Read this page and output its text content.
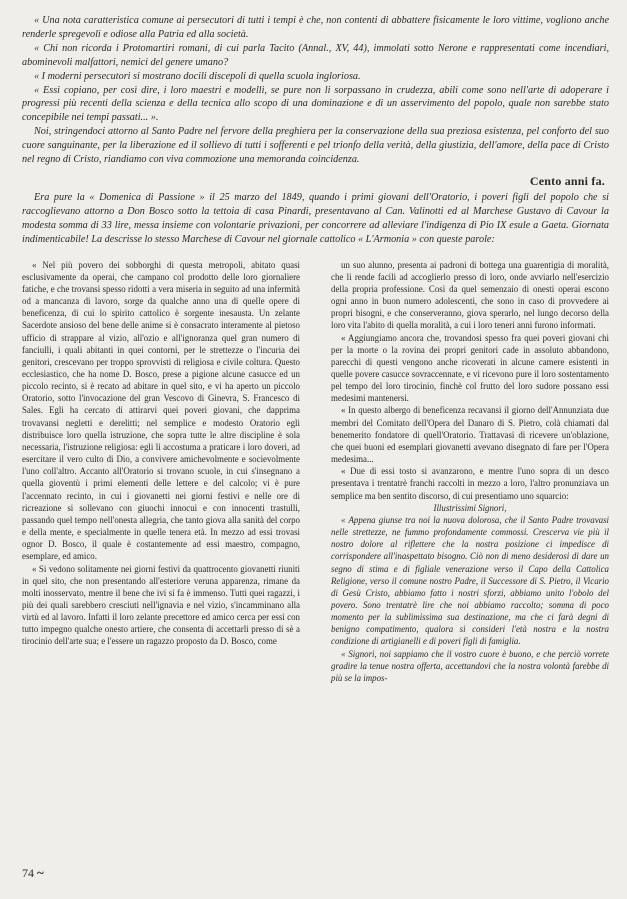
« Una nota caratteristica comune ai persecutori di tutti i tempi è che, non contenti di abbattere fisicamente le loro vittime, vogliono anche renderle spregevoli e odiose alla Patria ed alla società.

« Chi non ricorda i Protomartiri romani, di cui parla Tacito (Annal., XV, 44), immolati sotto Nerone e rappresentati come incendiari, abominevoli malfattori, nemici del genere umano?

« I moderni persecutori si mostrano docili discepoli di quella scuola ingloriosa.

« Essi copiano, per così dire, i loro maestri e modelli, se pure non li sorpassano in crudezza, abili come sono nell'arte di adoperare i progressi più recenti della scienza e della tecnica allo scopo di una dominazione e di un asservimento del popolo, quale non sarebbe stato concepibile nei tempi passati... ».

Noi, stringendoci attorno al Santo Padre nel fervore della preghiera per la conservazione della sua preziosa esistenza, pel conforto del suo cuore sanguinante, per la liberazione ed il sollievo di tutti i sofferenti e pel trionfo della verità, della giustizia, dell'amore, della pace di Cristo nel regno di Cristo, riandiamo con viva commozione una memoranda coincidenza.

Cento anni fa.

Era pure la « Domenica di Passione » il 25 marzo del 1849, quando i primi giovani dell'Oratorio, i poveri figli del popolo che si raccoglievano attorno a Don Bosco sotto la tettoia di casa Pinardi, presentavano al Can. Valinotti ed al Marchese Gustavo di Cavour la modesta somma di 33 lire, messa insieme con volontarie privazioni, per concorrere ad alleviare l'indigenza di Pio IX esule a Gaeta. Giornata indimenticabile! La descrisse lo stesso Marchese di Cavour nel giornale cattolico « L'Armonia » con queste parole:

« Nel più povero dei sobborghi di questa metropoli, abitato quasi esclusivamente da operai, che campano col prodotto delle loro giornaliere fatiche, e che trovansi spesso ridotti a vera miseria in seguito ad una infermità od a mancanza di lavoro, sorge da qualche anno una di quelle opere di beneficenza, di cui lo spirito cattolico è sorgente inesausta. Un zelante Sacerdote ansioso del bene delle anime si è consacrato interamente al pietoso ufficio di strappare al vizio, all'ozio e all'ignoranza quel gran numero di fanciulli, i quali abitanti in quei contorni, per le strettezze o l'incuria dei genitori, crescevano per troppo sprovvisti di religiosa e civile coltura. Questo ecclesiastico, che ha nome D. Bosco, prese a pigione alcune casucce ed un piccolo recinto, si è recato ad abitare in quel sito, e vi ha aperto un piccolo Oratorio, sotto l'invocazione del gran Vescovo di Ginevra, S. Francesco di Sales. Egli ha cercato di attirarvi quei poveri giovani, che dapprima trovavansi negletti e derelitti; nel semplice e modesto Oratorio egli distribuisce loro quella istruzione, che sopra tutte le altre discipline è sola necessaria, l'istruzione religiosa: egli li accostuma a praticare i loro doveri, ad esercitare il vero culto di Dio, a convivere amichevolmente e socievolmente l'uno coll'altro. Accanto all'Oratorio si trovano scuole, in cui s'insegnano a quella gioventù i primi elementi delle lettere e del calcolo; vi è pure l'accennato recinto, in cui i giovanetti nei giorni festivi e nelle ore di ricreazione si sollevano con giuochi innocui e con innocenti trastulli, passando quel tempo nell'onesta allegria, che tanto giova alla sanità del corpo e della mente, e specialmente in quelle tenera età. In mezzo ad essi trovasi ognor D. Bosco, il quale è costantemente ad essi maestro, compagno, esemplare, ed amico.

« Si vedono solitamente nei giorni festivi da quattrocento giovanetti riuniti in quel sito, che non presentando all'esteriore veruna apparenza, rimane da molti inosservato, mentre il bene che ivi si fa è immenso. Tutti quei ragazzi, i più dei quali sarebbero cresciuti nell'ignavia e nel vizio, s'incamminano alla virtù ed al lavoro. Infatti il loro zelante precettore ed amico cerca per essi con tutto impegno qualche onesto artiere, che consenta di accettarli presso di sè a tirocinio dell'arte sua; e l'essere un ragazzo proposto da D. Bosco, come

un suo alunno, presenta ai padroni di bottega una guarentigia di moralità, che li rende facili ad accoglierlo presso di loro, onde avviarlo nell'esercizio della propria professione. Così da quel semenzaio di onesti operai escono ogni anno in buon numero adolescenti, che sono in caso di provvedere ai propri bisogni, e che conserveranno, giova sperarlo, nel lungo decorso della loro vita l'abito di quella moralità, a cui i loro teneri anni furono informati.

« Aggiungiamo ancora che, trovandosi spesso fra quei poveri giovani chi per la morte o la rovina dei propri genitori cade in assoluto abbandono, parecchi di questi vengono anche ricoverati in alcune camere esistenti in quelle povere casucce sovraccennate, e vi ricevono pure il loro sostentamento pel tempo del loro tirocinio, finchè col frutto del loro sudore possano essi medesimi mantenersi.

« In questo albergo di beneficenza recavansi il giorno dell'Annunziata due membri del Comitato dell'Opera del Danaro di S. Pietro, colà chiamati dal benemerito fondatore di quell'Oratorio. Trattavasi di ricevere un'oblazione, che quei buoni ed esemplari giovanetti avevano disegnato di fare per l'Opera medesima...

« Due di essi tosto si avanzarono, e mentre l'uno sopra di un desco presentava i trentatrè franchi raccolti in mezzo a loro, l'altro pronunziava un semplice ma ben sentito discorso, di cui presentiamo uno squarcio:

Illustrissimi Signori,

« Appena giunse tra noi la nuova dolorosa, che il Santo Padre trovavasi nelle strettezze, ne fummo profondamente commossi. Crescerva vie più il nostro dolore al riflettere che la nostra posizione ci impedisce di corrispondere all'inaspettato bisogno. Ciò non di meno desiderosi di dare un segno di stima e di figliale venerazione verso il Capo della Cattolica Religione, verso il comune nostro Padre, il Successore di S. Pietro, il Vicario di Gesù Cristo, abbiamo fatto i nostri sforzi, abbiamo unito l'obolo del povero. Sono trentatrè lire che noi abbiamo raccolto; somma di poco momento per la sublimissima sua destinazione, ma che ci farà degni di benigno compatimento, qualora si consideri l'età nostra e la nostra condizione di artigianelli e di poveri figli di famiglia.

« Signori, noi sappiamo che il vostro cuore è buono, e che perciò vorrete gradire la tenue nostra offerta, accettandovi che la nostra volontà farebbe di più se la impos-

74 ~
